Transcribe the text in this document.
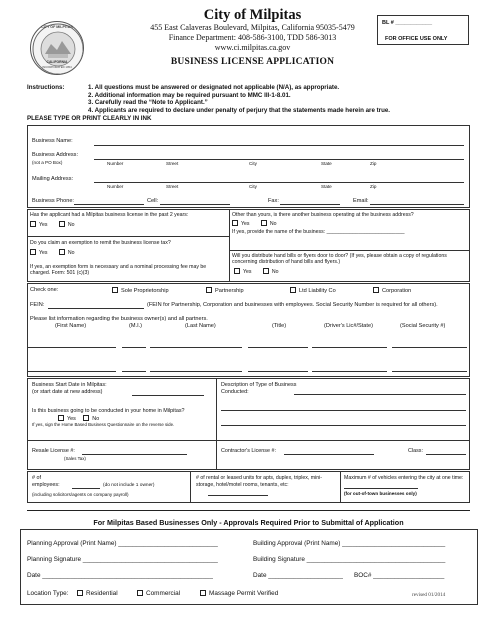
CITY OF MILPITAS
CALIFORNIA
INCORPORATED 1954
City of Milpitas
455 East Calaveras Boulevard, Milpitas, California 95035-5479
Finance Department: 408-586-3100, TDD 586-3013
www.ci.milpitas.ca.gov
BUSINESS LICENSE APPLICATION
BL # ____________
FOR OFFICE USE ONLY
Instructions:	1. All questions must be answered or designated not applicable (N/A), as appropriate.
2. Additional information may be required pursuant to MMC III-1-8.01.
3. Carefully read the “Note to Applicant.”
4. Applicants are required to declare under penalty of perjury that the statements made herein are true.
PLEASE TYPE OR PRINT CLEARLY IN INK
Business Name:
Business Address:
(not a PO Box)	Number	Street	City	State	Zip
Mailing Address:
Number	Street	City	State	Zip
Business Phone:	Cell:	Fax:	Email:
Has the applicant had a Milpitas business license in the past 2 years:
Yes	No
Do you claim an exemption to remit the business license tax?
Yes	No
If yes, an exemption form is necessary and a nominal processing fee may be charged. Form: 501 (c)(3)
Other than yours, is there another business operating at the business address?
Yes	No
If yes, provide the name of the business: ___________________________
Will you distribute hand bills or flyers door to door? (If yes, please obtain a copy of regulations concerning distribution of hand bills and flyers.)
Yes	No
Check one:	Sole Proprietorship	Partnership	Ltd Liability Co	Corporation
FEIN:	(FEIN for Partnership, Corporation and businesses with employees. Social Security Number is required for all others).
Please list information regarding the business owner(s) and all partners.
(First Name)	(M.I.)	(Last Name)	(Title)	(Driver's Lic#/State)	(Social Security #)
Business Start Date in Milpitas:
(or start date at new address)
Is this business going to be conducted in your home in Milpitas?
Yes	No
If yes, sign the Home Based Business Questionnaire on the reverse side.
Description of Type of Business Conducted:
Resale License #:
(Sales Tax)
Contractor's License #:	Class:
# of employees:	(do not include 1 owner)
(including solicitors/agents on company payroll)
# of rental or leased units for apts, duplex, triplex, mini-storage, hotel/motel rooms, tenants, etc:
Maximum # of vehicles entering the city at one time:
(for out-of-town businesses only)
For Milpitas Based Businesses Only - Approvals Required Prior to Submittal of Application
Planning Approval (Print Name) ____________________________
Planning Signature ______________________________________
Date ________________________________________________
Building Approval (Print Name) _____________________________
Building Signature _______________________________________
Date _____________________ BOC# ____________________
Location Type:	Residential	Commercial	Massage Permit Verified	revised 01/2014
